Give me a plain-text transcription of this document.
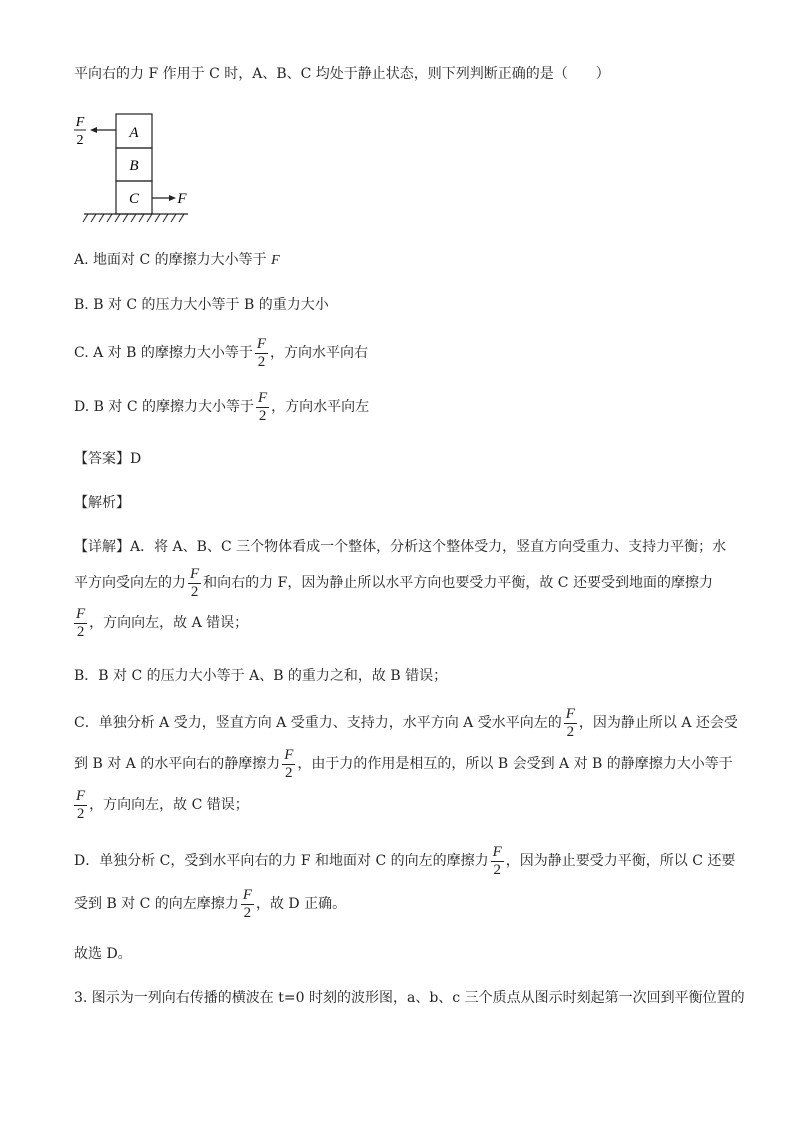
平向右的力 F 作用于 C 时，A、B、C 均处于静止状态，则下列判断正确的是（　　）
A
B
C
F
2
F
A. 地面对 C 的摩擦力大小等于 F
B. B 对 C 的压力大小等于 B 的重力大小
C. A 对 B 的摩擦力大小等于 $\frac{F}{2}$ ，方向水平向右
D. B 对 C 的摩擦力大小等于 $\frac{F}{2}$ ，方向水平向左
【答案】D
【解析】
【详解】A．将 A、B、C 三个物体看成一个整体，分析这个整体受力，竖直方向受重力、支持力平衡；水
平方向受向左的力 $\frac{F}{2}$ 和向右的力 F，因为静止所以水平方向也要受力平衡，故 C 还要受到地面的摩擦力
$\frac{F}{2}$ ，方向向左，故 A 错误；
B．B 对 C 的压力大小等于 A、B 的重力之和，故 B 错误；
C．单独分析 A 受力，竖直方向 A 受重力、支持力，水平方向 A 受水平向左的 $\frac{F}{2}$ ，因为静止所以 A 还会受
到 B 对 A 的水平向右的静摩擦力 $\frac{F}{2}$ ，由于力的作用是相互的，所以 B 会受到 A 对 B 的静摩擦力大小等于
$\frac{F}{2}$ ，方向向左，故 C 错误；
D．单独分析 C，受到水平向右的力 F 和地面对 C 的向左的摩擦力 $\frac{F}{2}$ ，因为静止要受力平衡，所以 C 还要
受到 B 对 C 的向左摩擦力 $\frac{F}{2}$ ，故 D 正确。
故选 D。
3. 图示为一列向右传播的横波在 t=0 时刻的波形图，a、b、c 三个质点从图示时刻起第一次回到平衡位置的
